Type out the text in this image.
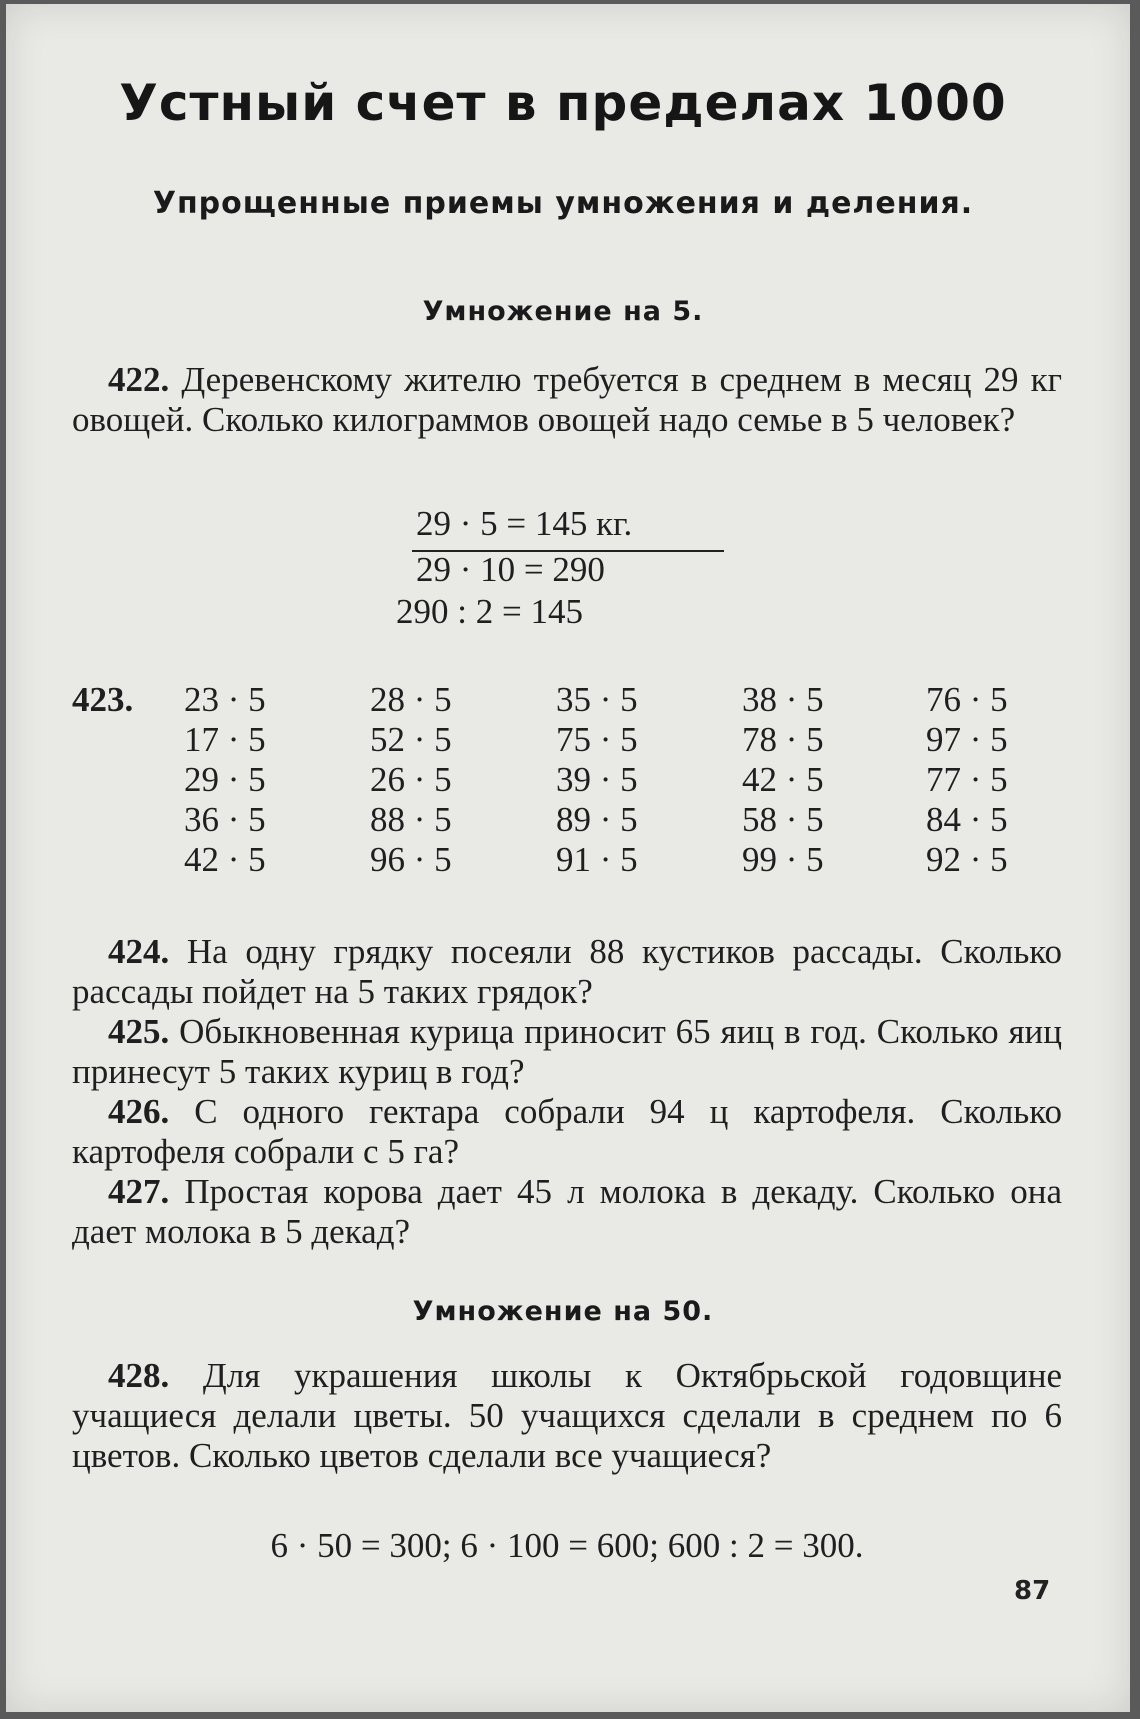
Устный счет в пределах 1000
Упрощенные приемы умножения и деления.
Умножение на 5.
422. Деревенскому жителю требуется в среднем в месяц 29 кг овощей. Сколько килограммов овощей надо семье в 5 человек?
29 · 5 = 145 кг.
29 · 10 = 290
290 : 2 = 145
423. 23 · 5
17 · 5
29 · 5
36 · 5
42 · 5
28 · 5
52 · 5
26 · 5
88 · 5
96 · 5
35 · 5
75 · 5
39 · 5
89 · 5
91 · 5
38 · 5
78 · 5
42 · 5
58 · 5
99 · 5
76 · 5
97 · 5
77 · 5
84 · 5
92 · 5
424. На одну грядку посеяли 88 кустиков рассады. Сколько рассады пойдет на 5 таких грядок?
425. Обыкновенная курица приносит 65 яиц в год. Сколько яиц принесут 5 таких куриц в год?
426. С одного гектара собрали 94 ц картофеля. Сколько картофеля собрали с 5 га?
427. Простая корова дает 45 л молока в декаду. Сколько она дает молока в 5 декад?
Умножение на 50.
428. Для украшения школы к Октябрьской годовщине учащиеся делали цветы. 50 учащихся сделали в среднем по 6 цветов. Сколько цветов сделали все учащиеся?
6 · 50 = 300; 6 · 100 = 600; 600 : 2 = 300.
87
